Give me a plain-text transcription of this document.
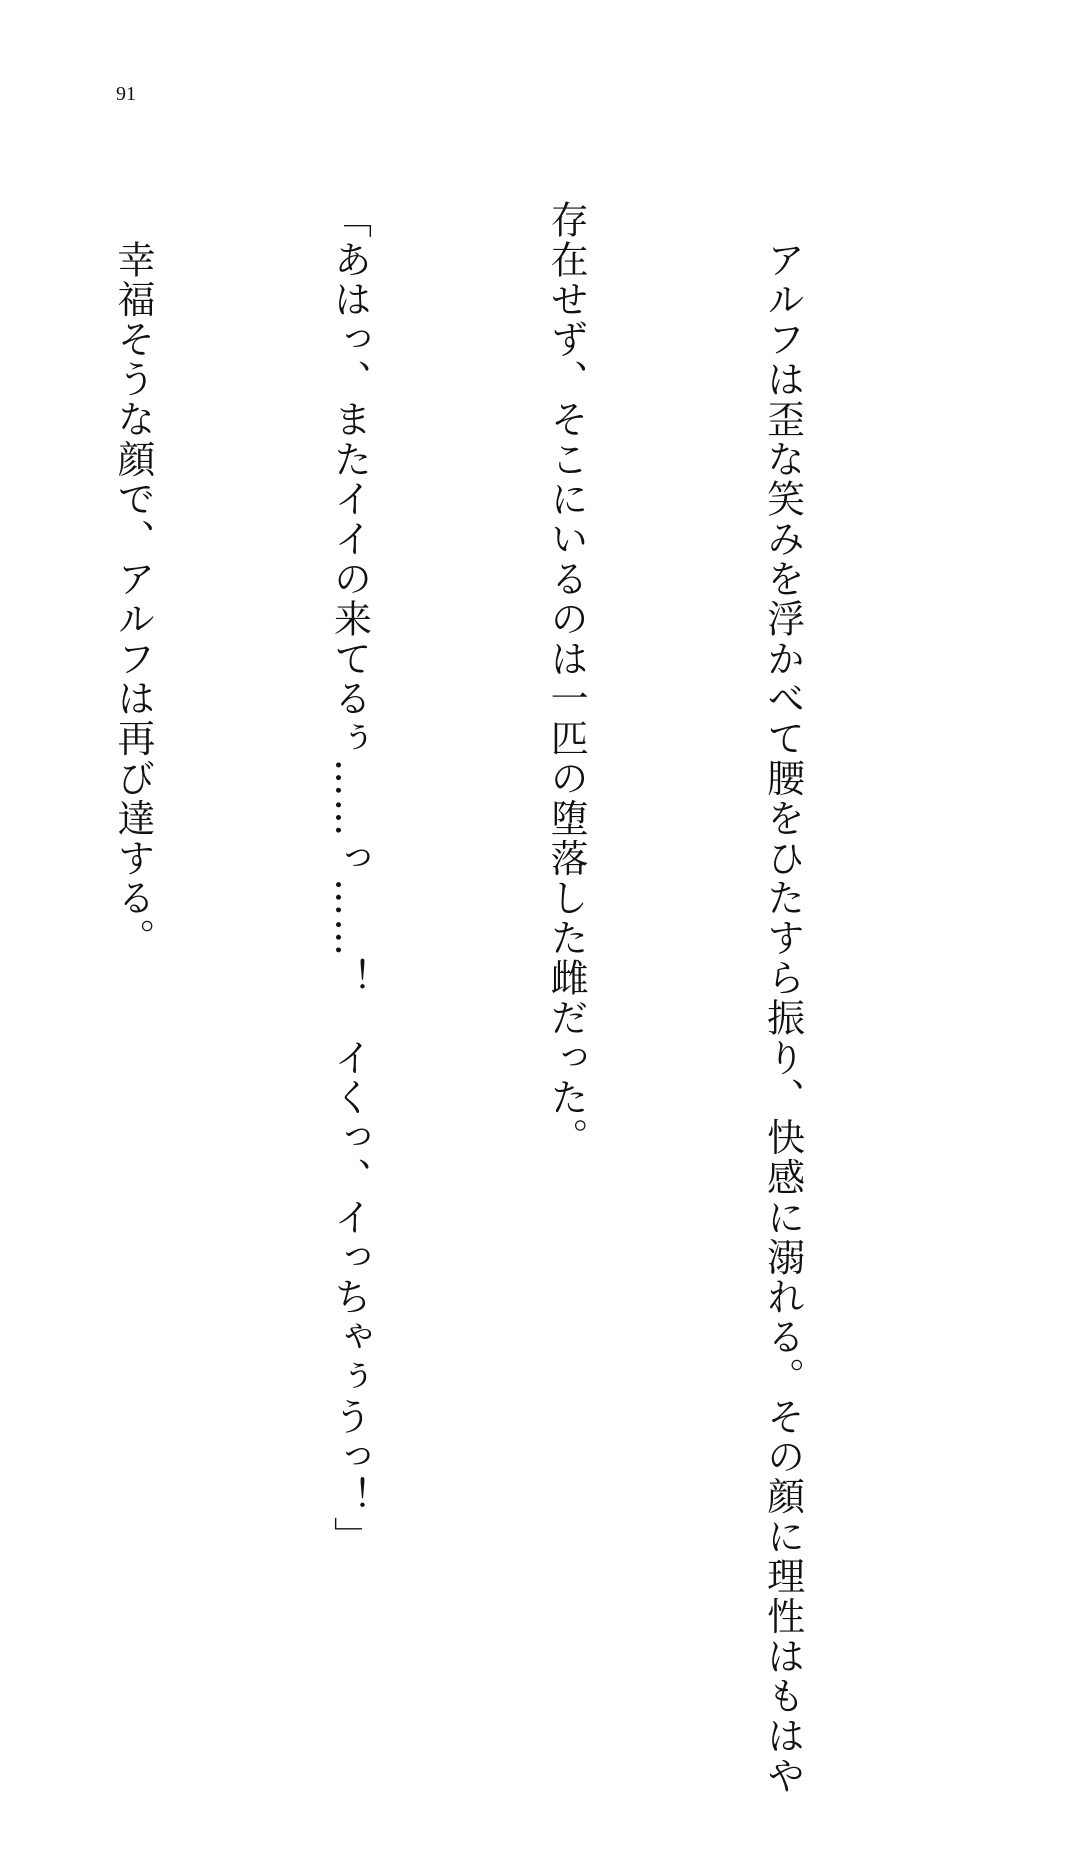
91

　アルフは歪な笑みを浮かべて腰をひたすら振り、快感に溺れる。その顔に理性はもはや

存在せず、そこにいるのは一匹の堕落した雌だった。

「あはっ、またイイの来てるぅ……っ……！　イくっ、イっちゃぅうっ！」

　幸福そうな顔で、アルフは再び達する。
